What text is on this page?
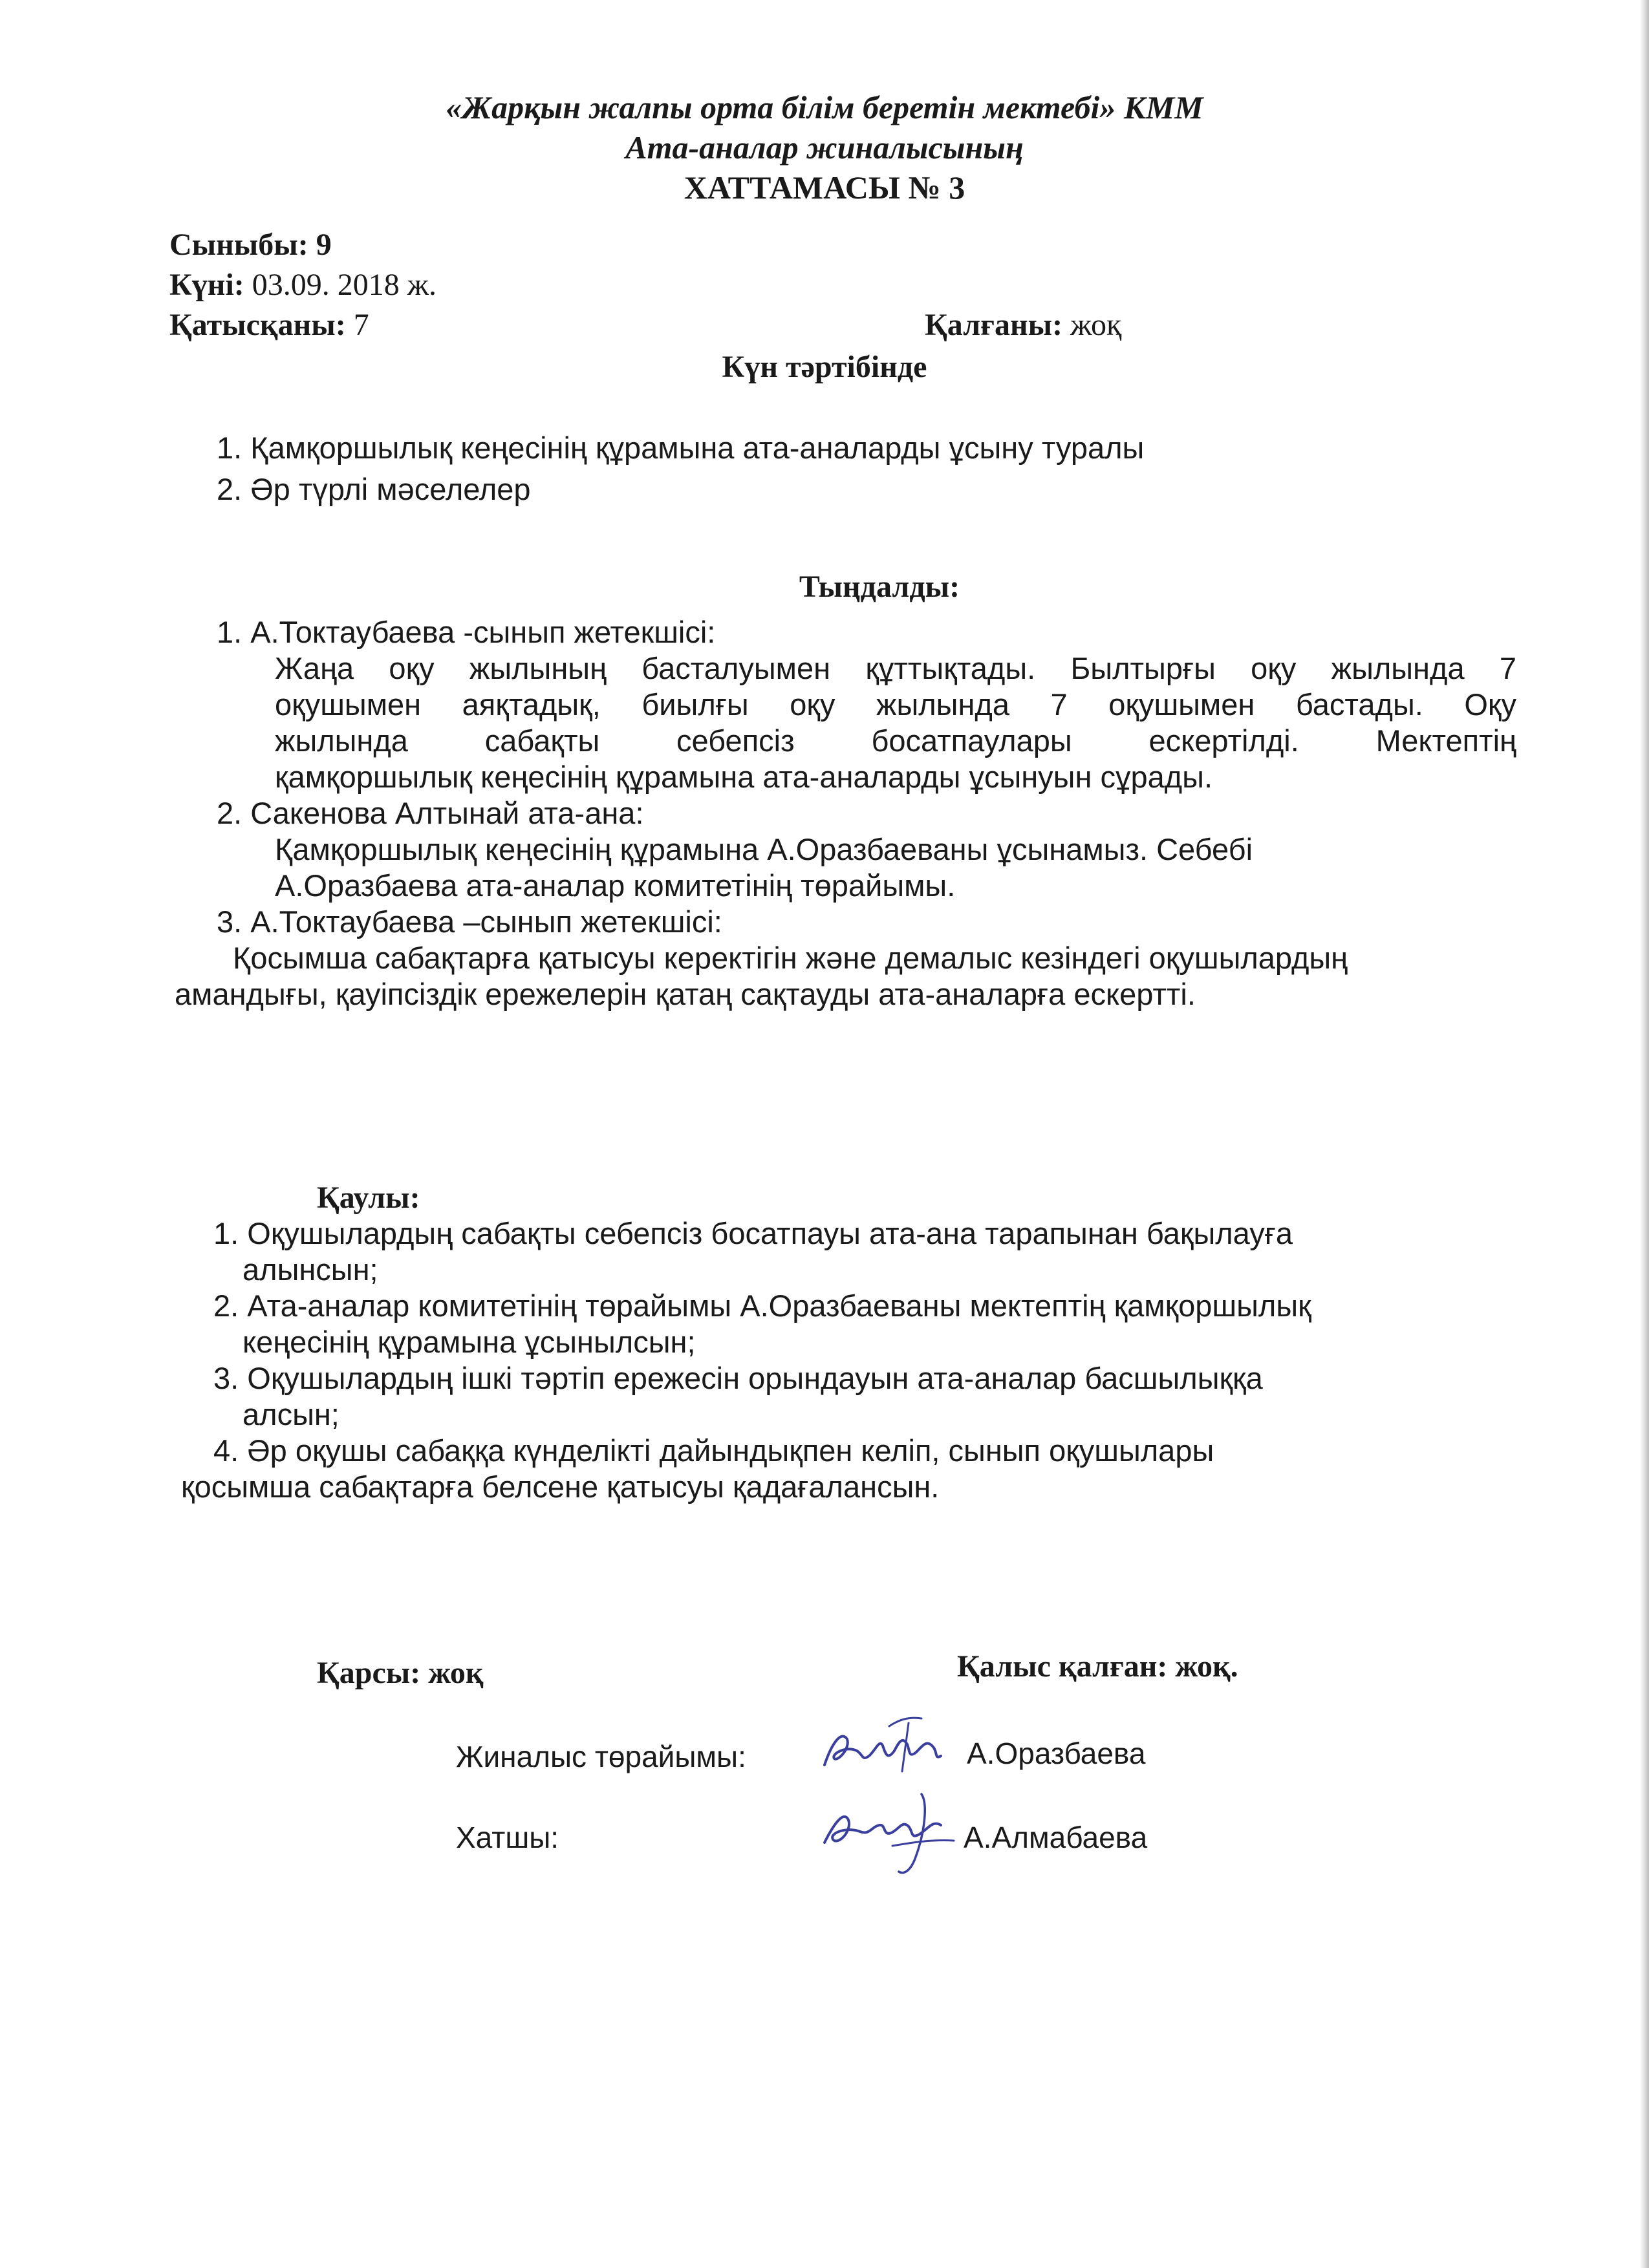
«Жарқын жалпы орта білім беретін мектебі» КММ
Ата-аналар жиналысының
ХАТТАМАСЫ № 3
Сыныбы: 9
Күні: 03.09. 2018 ж.
Қатысқаны: 7	Қалғаны: жоқ
Күн тәртібінде
1. Қамқоршылық кеңесінің құрамына ата-аналарды ұсыну туралы
2. Әр түрлі мәселелер
Тыңдалды:
1. А.Токтаубаева -сынып жетекшісі:
Жаңа оқу жылының басталуымен құттықтады. Былтырғы оқу жылында 7
оқушымен аяқтадық, биылғы оқу жылында 7 оқушымен бастады. Оқу
жылында сабақты себепсіз босатпаулары ескертілді. Мектептің
қамқоршылық кеңесінің құрамына ата-аналарды ұсынуын сұрады.
2. Сакенова Алтынай ата-ана:
Қамқоршылық кеңесінің құрамына А.Оразбаеваны ұсынамыз. Себебі
А.Оразбаева ата-аналар комитетінің төрайымы.
3. А.Токтаубаева –сынып жетекшісі:
Қосымша сабақтарға қатысуы керектігін және демалыс кезіндегі оқушылардың
амандығы, қауіпсіздік ережелерін қатаң сақтауды ата-аналарға ескертті.
Қаулы:
1. Оқушылардың сабақты себепсіз босатпауы ата-ана тарапынан бақылауға
алынсын;
2. Ата-аналар комитетінің төрайымы А.Оразбаеваны мектептің қамқоршылық
кеңесінің құрамына ұсынылсын;
3. Оқушылардың ішкі тәртіп ережесін орындауын ата-аналар басшылыққа
алсын;
4. Әр оқушы сабаққа күнделікті дайындықпен келіп, сынып оқушылары
қосымша сабақтарға белсене қатысуы қадағалансын.
Қарсы: жоқ	Қалыс қалған: жоқ.
Жиналыс төрайымы:	А.Оразбаева
Хатшы:	А.Алмабаева
